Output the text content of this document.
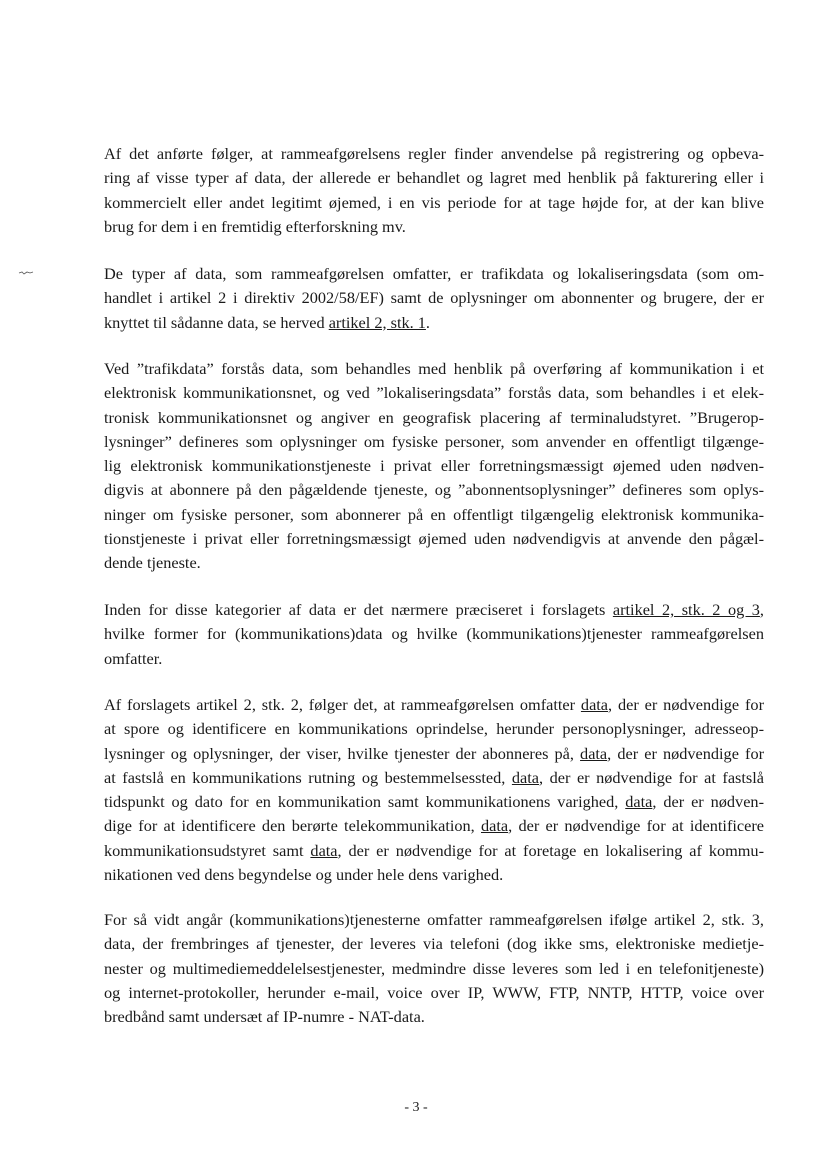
Af det anførte følger, at rammeafgørelsens regler finder anvendelse på registrering og opbeva-
ring af visse typer af data, der allerede er behandlet og lagret med henblik på fakturering eller i
kommercielt eller andet legitimt øjemed, i en vis periode for at tage højde for, at der kan blive
brug for dem i en fremtidig efterforskning mv.
De typer af data, som rammeafgørelsen omfatter, er trafikdata og lokaliseringsdata (som om-
handlet i artikel 2 i direktiv 2002/58/EF) samt de oplysninger om abonnenter og brugere, der er
knyttet til sådanne data, se herved artikel 2, stk. 1.
Ved ”trafikdata” forstås data, som behandles med henblik på overføring af kommunikation i et
elektronisk kommunikationsnet, og ved ”lokaliseringsdata” forstås data, som behandles i et elek-
tronisk kommunikationsnet og angiver en geografisk placering af terminaludstyret. ”Brugerop-
lysninger” defineres som oplysninger om fysiske personer, som anvender en offentligt tilgænge-
lig elektronisk kommunikationstjeneste i privat eller forretningsmæssigt øjemed uden nødven-
digvis at abonnere på den pågældende tjeneste, og ”abonnentsoplysninger” defineres som oplys-
ninger om fysiske personer, som abonnerer på en offentligt tilgængelig elektronisk kommunika-
tionstjeneste i privat eller forretningsmæssigt øjemed uden nødvendigvis at anvende den pågæl-
dende tjeneste.
Inden for disse kategorier af data er det nærmere præciseret i forslagets artikel 2, stk. 2 og 3,
hvilke former for (kommunikations)data og hvilke (kommunikations)tjenester rammeafgørelsen
omfatter.
Af forslagets artikel 2, stk. 2, følger det, at rammeafgørelsen omfatter data, der er nødvendige for
at spore og identificere en kommunikations oprindelse, herunder personoplysninger, adresseop-
lysninger og oplysninger, der viser, hvilke tjenester der abonneres på, data, der er nødvendige for
at fastslå en kommunikations rutning og bestemmelsessted, data, der er nødvendige for at fastslå
tidspunkt og dato for en kommunikation samt kommunikationens varighed, data, der er nødven-
dige for at identificere den berørte telekommunikation, data, der er nødvendige for at identificere
kommunikationsudstyret samt data, der er nødvendige for at foretage en lokalisering af kommu-
nikationen ved dens begyndelse og under hele dens varighed.
For så vidt angår (kommunikations)tjenesterne omfatter rammeafgørelsen ifølge artikel 2, stk. 3,
data, der frembringes af tjenester, der leveres via telefoni (dog ikke sms, elektroniske medietje-
nester og multimediemeddelelsestjenester, medmindre disse leveres som led i en telefonitjeneste)
og internet-protokoller, herunder e-mail, voice over IP, WWW, FTP, NNTP, HTTP, voice over
bredbånd samt undersæt af IP-numre - NAT-data.
- 3 -
